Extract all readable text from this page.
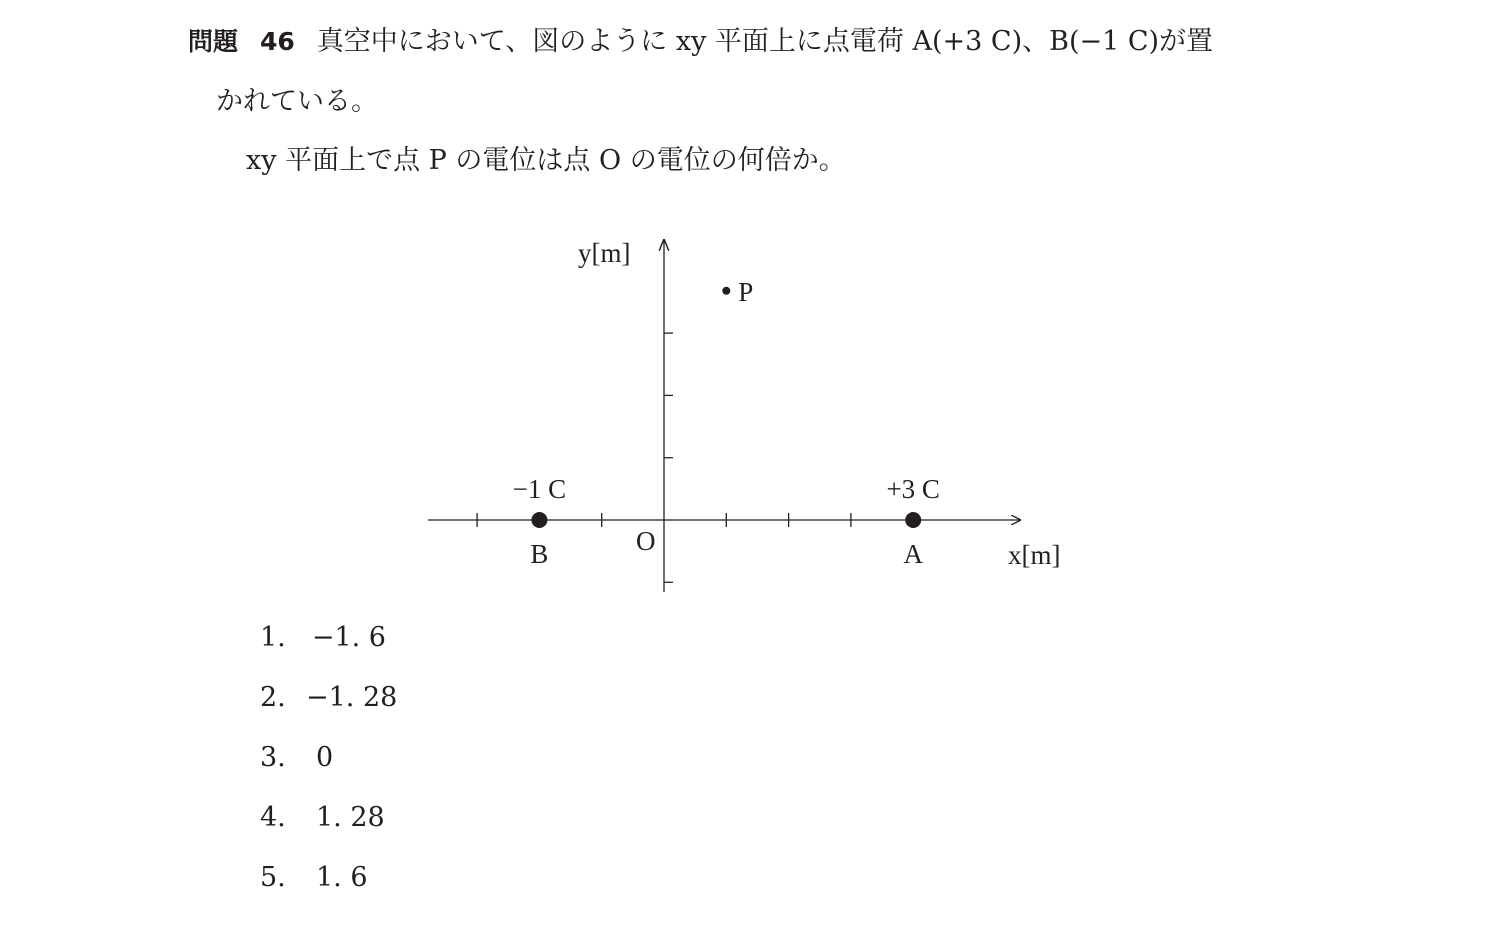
問題 46 真空中において、図のように xy 平面上に点電荷 A(+3 C)、B(−1 C)が置
かれている。
xy 平面上で点 P の電位は点 O の電位の何倍か。
y[m]
x[m]
O
P
−1 C
B
+3 C
A
1. −1. 6
2. −1. 28
3. 0
4. 1. 28
5. 1. 6
